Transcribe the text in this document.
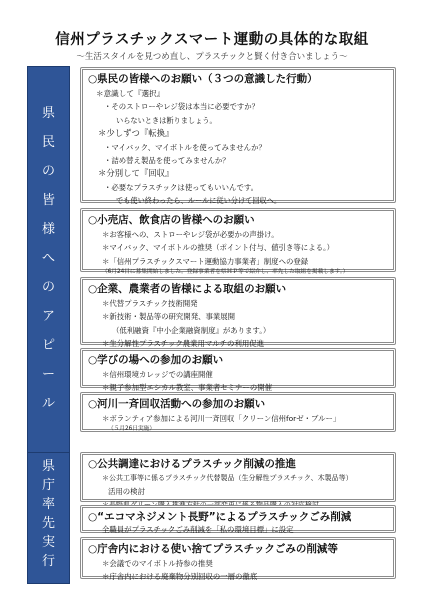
信州プラスチックスマート運動の具体的な取組
～生活スタイルを見つめ直し、プラスチックと賢く付き合いましょう～
県
民
の
皆
様
へ
の
ア
ピ
ー
ル
県
庁
率
先
実
行
○県民の皆様へのお願い（３つの意識した行動）
＊意識して『選択』
・そのストローやレジ袋は本当に必要ですか？
いらないときは断りましょう。
＊少しずつ『転換』
・マイバック、マイボトルを使ってみませんか？
・詰め替え製品を使ってみませんか？
＊分別して『回収』
・必要なプラスチックは使ってもいいんです。
でも使い終わったら、ルールに従い分けて回収へ。
○小売店、飲食店の皆様へのお願い
＊お客様への、ストローやレジ袋が必要かの声掛け。
＊マイバック、マイボトルの推奨（ポイント付与、値引き等による。）
＊「信州プラスチックスマート運動協力事業者」制度への登録
（6月24日に募集開始しました。登録事業者を県ＨＰ等で紹介し、率先した取組を掲載します。）
○企業、農業者の皆様による取組のお願い
＊代替プラスチック技術開発
＊新技術・製品等の研究開発、事業展開
（低利融資『中小企業融資制度』があります。）
＊生分解性プラスチック農業用マルチの利用促進
○学びの場への参加のお願い
＊信州環境カレッジでの講座開催
＊親子参加型エシカル教室、事業者セミナーの開催
○河川一斉回収活動への参加のお願い
＊ボランティア参加による河川一斉回収「クリーン信州forゼ・ブルー」
（５月26日実施）
○公共調達におけるプラスチック削減の推進
＊公共工事等に係るプラスチック代替製品（生分解性プラスチック、木製品等）
活用の検討
○“エコマネジメント長野”によるプラスチックごみ削減
全職員がプラスチックごみ削減を「私の環境目標」に設定
○庁舎内における使い捨てプラスチックごみの削減等
＊会議でのマイボトル持参の推奨
＊庁舎内における廃棄物分別回収の一層の徹底
